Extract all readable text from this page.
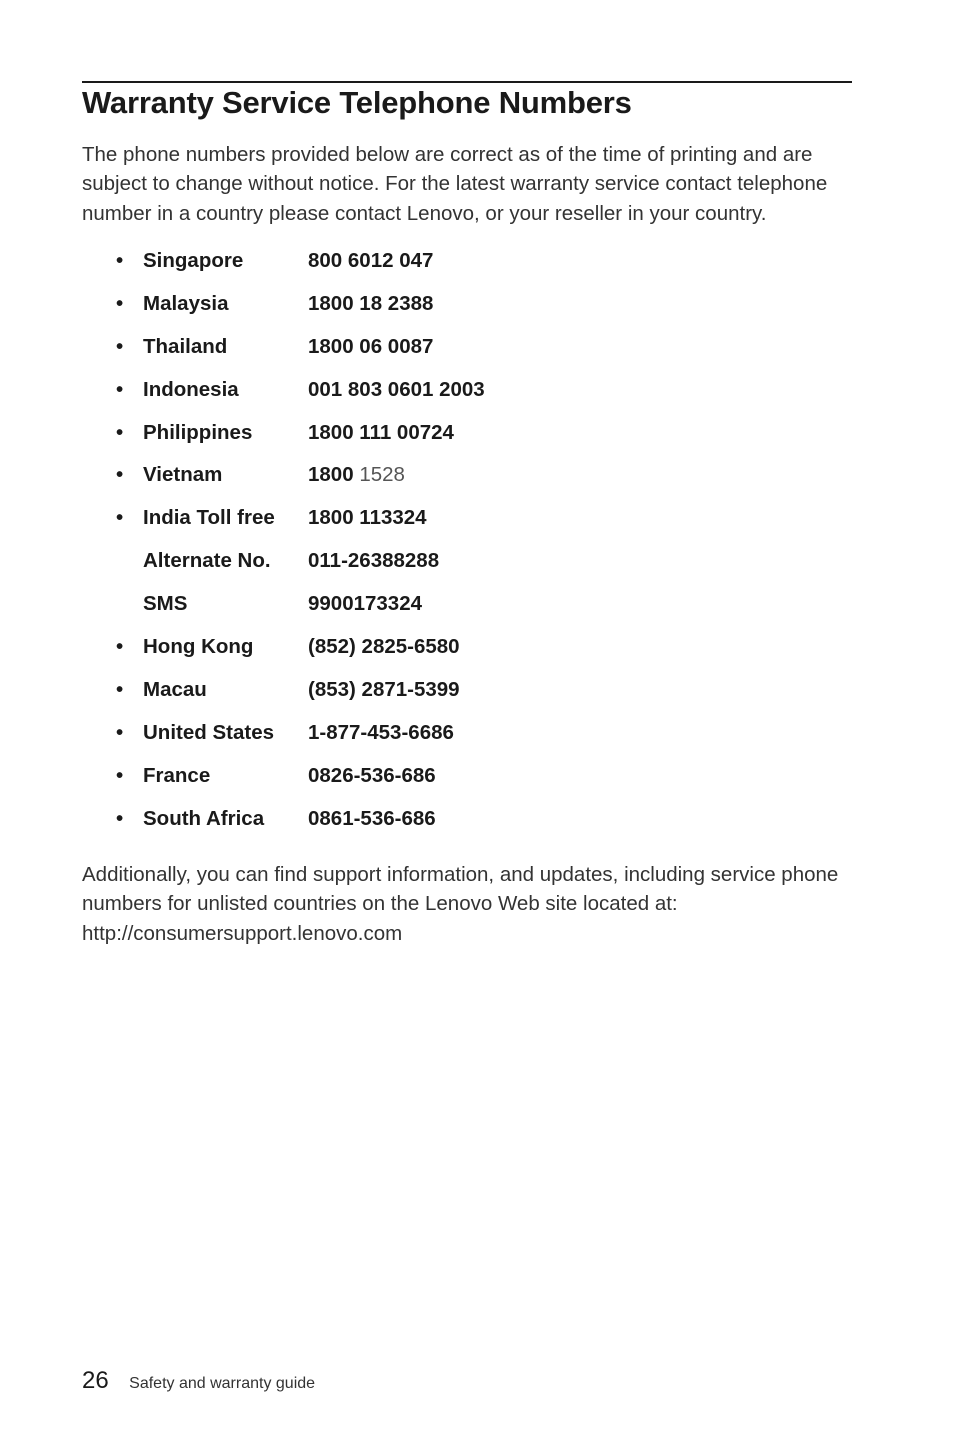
Warranty Service Telephone Numbers

The phone numbers provided below are correct as of the time of printing and are subject to change without notice. For the latest warranty service contact telephone number in a country please contact Lenovo, or your reseller in your country.

• Singapore	800 6012 047
• Malaysia	1800 18 2388
• Thailand	1800 06 0087
• Indonesia	001 803 0601 2003
• Philippines	1800 111 00724
• Vietnam	1800 1528
• India Toll free 1800 113324
Alternate No. 011-26388288
SMS	9900173324
• Hong Kong	(852) 2825-6580
• Macau	(853) 2871-5399
• United States 1-877-453-6686
• France	0826-536-686
• South Africa 0861-536-686

Additionally, you can find support information, and updates, including service phone numbers for unlisted countries on the Lenovo Web site located at: http://consumersupport.lenovo.com

26 Safety and warranty guide
